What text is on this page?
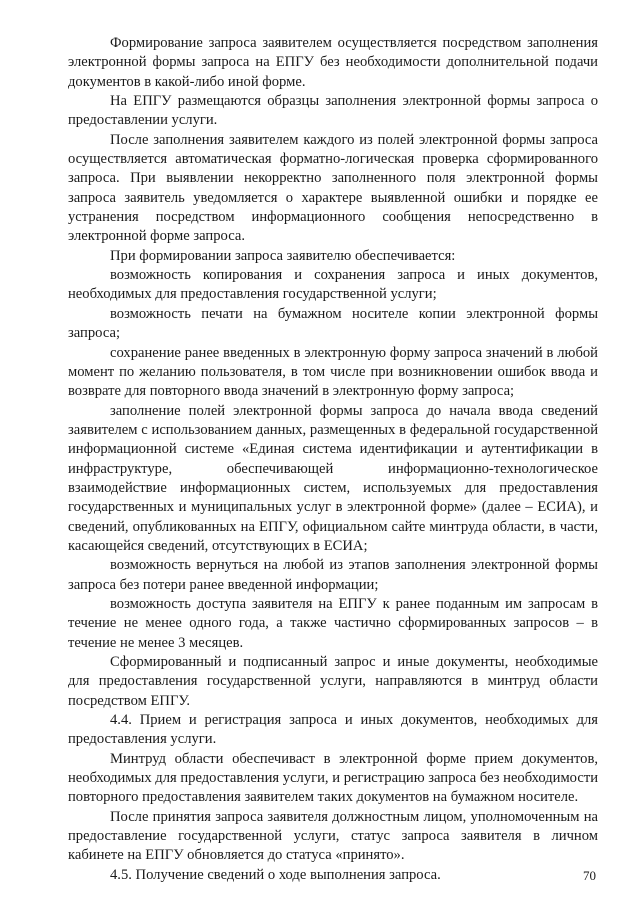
Формирование запроса заявителем осуществляется посредством заполнения электронной формы запроса на ЕПГУ без необходимости дополнительной подачи документов в какой-либо иной форме.

На ЕПГУ размещаются образцы заполнения электронной формы запроса о предоставлении услуги.

После заполнения заявителем каждого из полей электронной формы запроса осуществляется автоматическая форматно-логическая проверка сформированного запроса. При выявлении некорректно заполненного поля электронной формы запроса заявитель уведомляется о характере выявленной ошибки и порядке ее устранения посредством информационного сообщения непосредственно в электронной форме запроса.

При формировании запроса заявителю обеспечивается:

возможность копирования и сохранения запроса и иных документов, необходимых для предоставления государственной услуги;

возможность печати на бумажном носителе копии электронной формы запроса;

сохранение ранее введенных в электронную форму запроса значений в любой момент по желанию пользователя, в том числе при возникновении ошибок ввода и возврате для повторного ввода значений в электронную форму запроса;

заполнение полей электронной формы запроса до начала ввода сведений заявителем с использованием данных, размещенных в федеральной государственной информационной системе «Единая система идентификации и аутентификации в инфраструктуре, обеспечивающей информационно-технологическое взаимодействие информационных систем, используемых для предоставления государственных и муниципальных услуг в электронной форме» (далее – ЕСИА), и сведений, опубликованных на ЕПГУ, официальном сайте минтруда области, в части, касающейся сведений, отсутствующих в ЕСИА;

возможность вернуться на любой из этапов заполнения электронной формы запроса без потери ранее введенной информации;

возможность доступа заявителя на ЕПГУ к ранее поданным им запросам в течение не менее одного года, а также частично сформированных запросов – в течение не менее 3 месяцев.

Сформированный и подписанный запрос и иные документы, необходимые для предоставления государственной услуги, направляются в минтруд области посредством ЕПГУ.

4.4. Прием и регистрация запроса и иных документов, необходимых для предоставления услуги.

Минтруд области обеспечиваст в электронной форме прием документов, необходимых для предоставления услуги, и регистрацию запроса без необходимости повторного предоставления заявителем таких документов на бумажном носителе.

После принятия запроса заявителя должностным лицом, уполномоченным на предоставление государственной услуги, статус запроса заявителя в личном кабинете на ЕПГУ обновляется до статуса «принято».

4.5. Получение сведений о ходе выполнения запроса.	70
